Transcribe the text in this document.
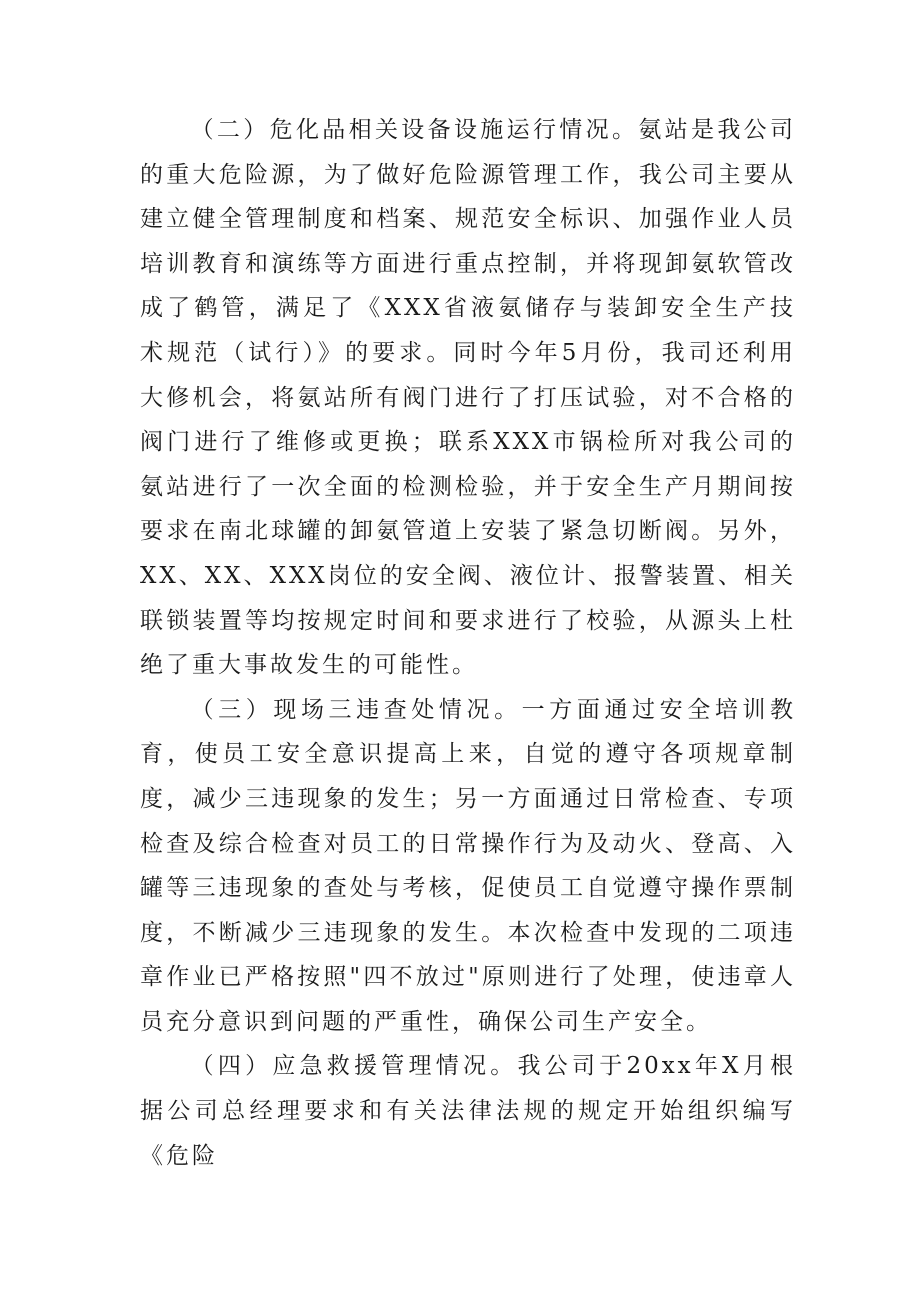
（二）危化品相关设备设施运行情况。氨站是我公司的重大危险源，为了做好危险源管理工作，我公司主要从建立健全管理制度和档案、规范安全标识、加强作业人员培训教育和演练等方面进行重点控制，并将现卸氨软管改成了鹤管，满足了《XXX省液氨储存与装卸安全生产技术规范（试行）》的要求。同时今年5月份，我司还利用大修机会，将氨站所有阀门进行了打压试验，对不合格的阀门进行了维修或更换；联系XXX市锅检所对我公司的氨站进行了一次全面的检测检验，并于安全生产月期间按要求在南北球罐的卸氨管道上安装了紧急切断阀。另外，XX、XX、XXX岗位的安全阀、液位计、报警装置、相关联锁装置等均按规定时间和要求进行了校验，从源头上杜绝了重大事故发生的可能性。

（三）现场三违查处情况。一方面通过安全培训教育，使员工安全意识提高上来，自觉的遵守各项规章制度，减少三违现象的发生；另一方面通过日常检查、专项检查及综合检查对员工的日常操作行为及动火、登高、入罐等三违现象的查处与考核，促使员工自觉遵守操作票制度，不断减少三违现象的发生。本次检查中发现的二项违章作业已严格按照"四不放过"原则进行了处理，使违章人员充分意识到问题的严重性，确保公司生产安全。

（四）应急救援管理情况。我公司于20xx年X月根据公司总经理要求和有关法律法规的规定开始组织编写《危险
